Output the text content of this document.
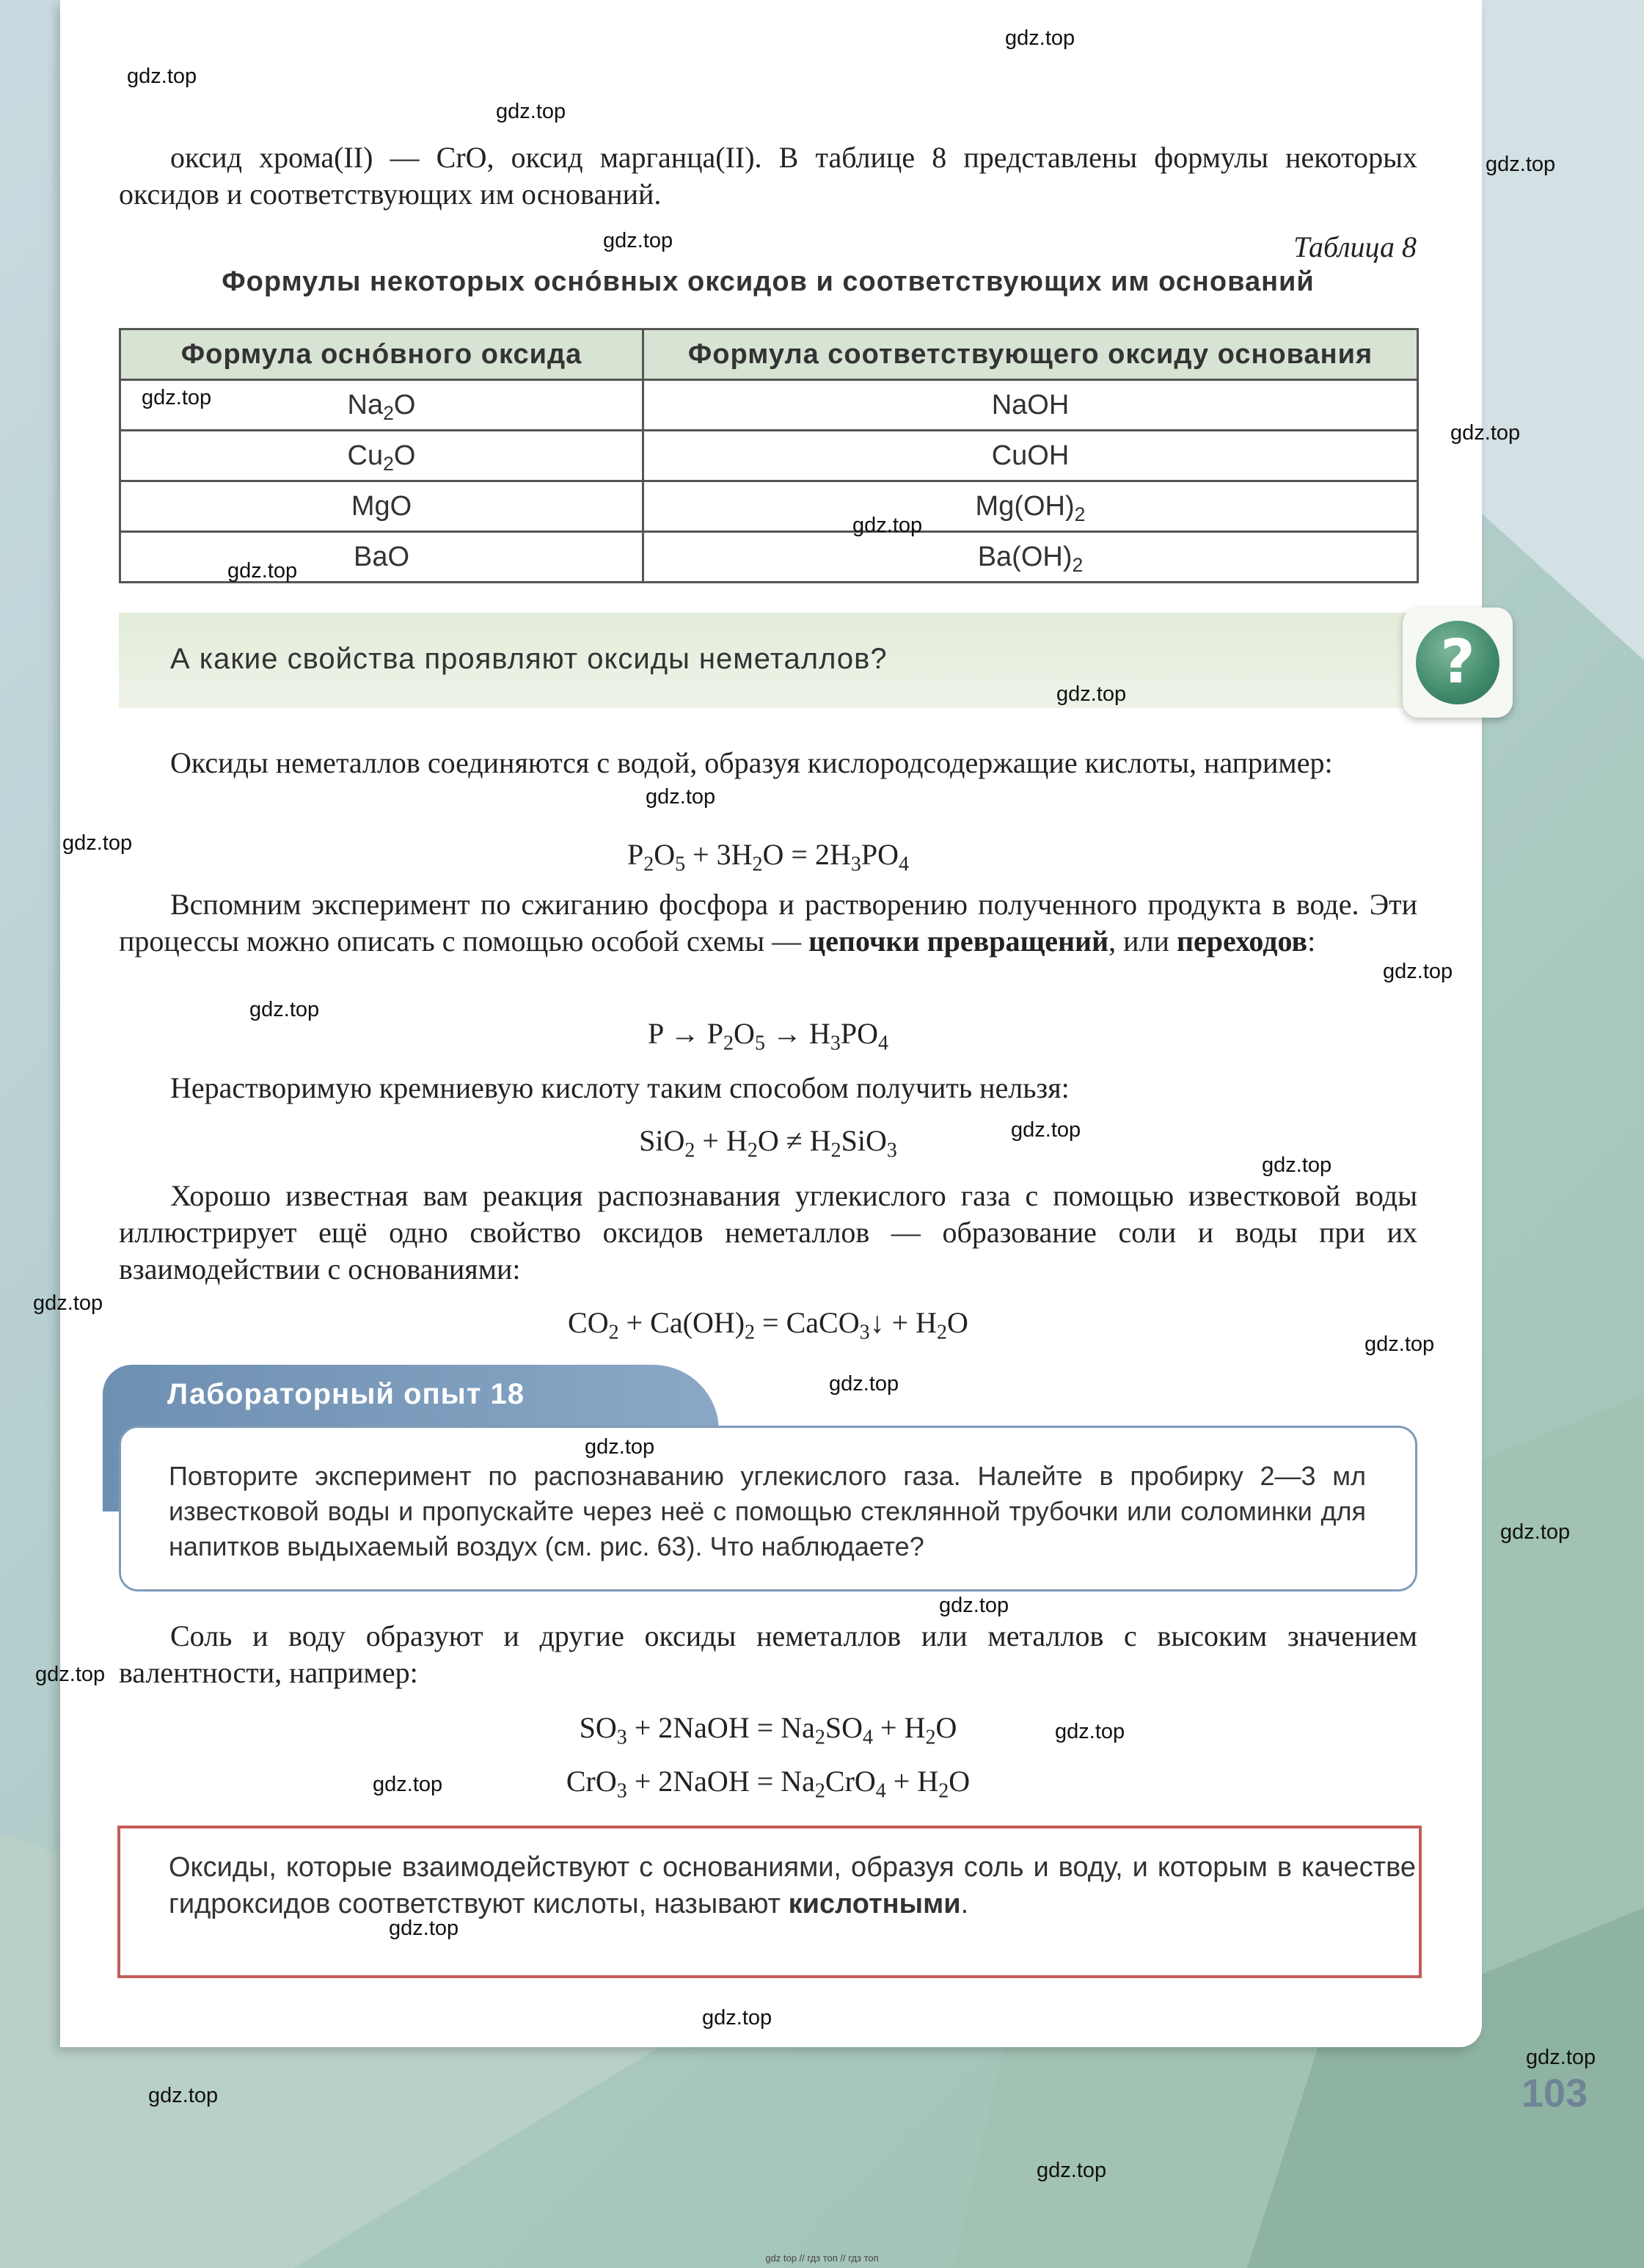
оксид хрома(II) — CrO, оксид марганца(II). В таблице 8 представлены формулы некоторых оксидов и соответствующих им оснований.
Таблица 8
Формулы некоторых оснóвных оксидов и соответствующих им оснований
Формула оснóвного оксида	Формула соответствующего оксиду основания
$Na_2O$	NaOH
$Cu_2O$	CuOH
MgO	$Mg(OH)_2$
BaO	$Ba(OH)_2$
А какие свойства проявляют оксиды неметаллов?	?
Оксиды неметаллов соединяются с водой, образуя кислородсодержащие кислоты, например:
$P_2O_5 + 3H_2O = 2H_3PO_4$
Вспомним эксперимент по сжиганию фосфора и растворению полученного продукта в воде. Эти процессы можно описать с помощью особой схемы — цепочки превращений, или переходов:
$P \to P_2O_5 \to H_3PO_4$
Нерастворимую кремниевую кислоту таким способом получить нельзя:
$SiO_2 + H_2O \ne H_2SiO_3$
Хорошо известная вам реакция распознавания углекислого газа с помощью известковой воды иллюстрирует ещё одно свойство оксидов неметаллов — образование соли и воды при их взаимодействии с основаниями:
$CO_2 + Ca(OH)_2$ = CaCO$_3$↓ + $H_2O$
Лабораторный опыт 18
Повторите эксперимент по распознаванию углекислого газа. Налейте в пробирку 2—3 мл известковой воды и пропускайте через неё с помощью стеклянной трубочки или соломинки для напитков выдыхаемый воздух (см. рис. 63). Что наблюдаете?
Соль и воду образуют и другие оксиды неметаллов или металлов с высоким значением валентности, например:
$SO_3$ + 2NaOH = $Na_2SO_4 + H_2O$
CrO$_3$ + 2NaOH = $Na_2CrO_4 + H_2O$
Оксиды, которые взаимодействуют с основаниями, образуя соль и воду, и которым в качестве гидроксидов соответствуют кислоты, называют кислотными.
103
gdz.top
gdz.top
gdz.top
gdz.top
gdz.top
gdz.top
gdz.top
gdz.top
gdz.top
gdz.top
gdz.top
gdz.top
gdz.top
gdz.top
gdz.top
gdz.top
gdz.top
gdz.top
gdz.top
gdz.top
gdz.top
gdz.top
gdz.top
gdz.top
gdz.top
gdz.top
gdz.top
gdz.top
gdz.top
gdz.top
gdz top // гдз топ // гдз топ
